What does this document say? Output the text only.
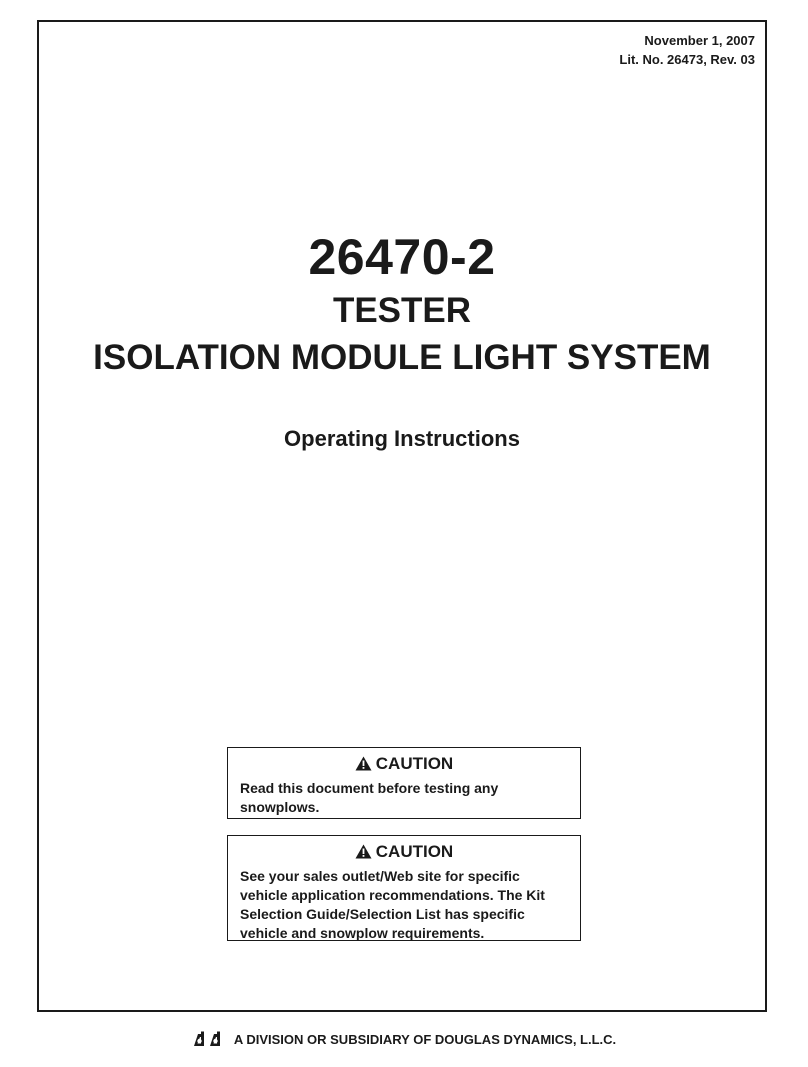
November 1, 2007
Lit. No. 26473, Rev. 03
26470-2
TESTER
ISOLATION MODULE LIGHT SYSTEM
Operating Instructions
CAUTION
Read this document before testing any snowplows.
CAUTION
See your sales outlet/Web site for specific vehicle application recommendations. The Kit Selection Guide/Selection List has specific vehicle and snowplow requirements.
A DIVISION OR SUBSIDIARY OF DOUGLAS DYNAMICS, L.L.C.
